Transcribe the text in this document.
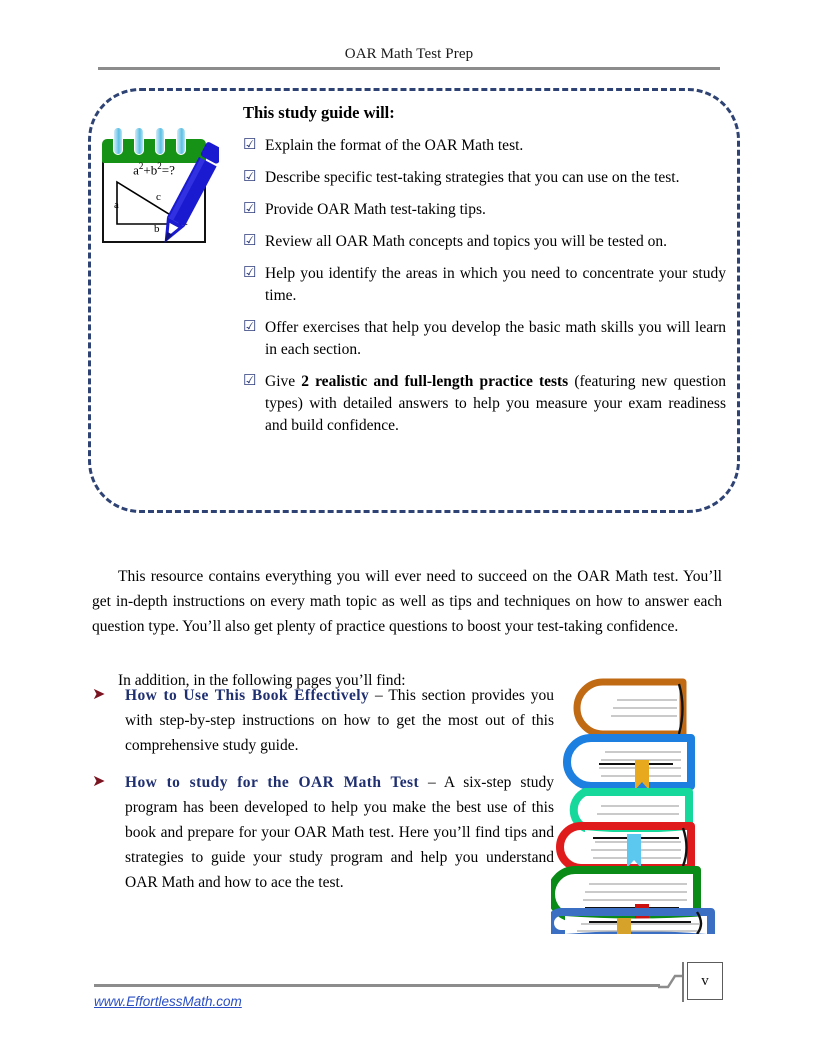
OAR Math Test Prep
$a^2+b^2=$?
a
b
c
This study guide will:
☑ Explain the format of the OAR Math test.
☑ Describe specific test-taking strategies that you can use on the test.
☑ Provide OAR Math test-taking tips.
☑ Review all OAR Math concepts and topics you will be tested on.
☑ Help you identify the areas in which you need to concentrate your study time.
☑ Offer exercises that help you develop the basic math skills you will learn in each section.
☑ Give 2 realistic and full-length practice tests (featuring new question types) with detailed answers to help you measure your exam readiness and build confidence.

This resource contains everything you will ever need to succeed on the OAR Math test. You’ll get in-depth instructions on every math topic as well as tips and techniques on how to answer each question type. You’ll also get plenty of practice questions to boost your test-taking confidence.

In addition, in the following pages you’ll find:

➤	How to Use This Book Effectively – This section provides you with step-by-step instructions on how to get the most out of this comprehensive study guide.
➤	How to study for the OAR Math Test – A six-step study program has been developed to help you make the best use of this book and prepare for your OAR Math test. Here you’ll find tips and strategies to guide your study program and help you understand OAR Math and how to ace the test.
v
www.EffortlessMath.com
